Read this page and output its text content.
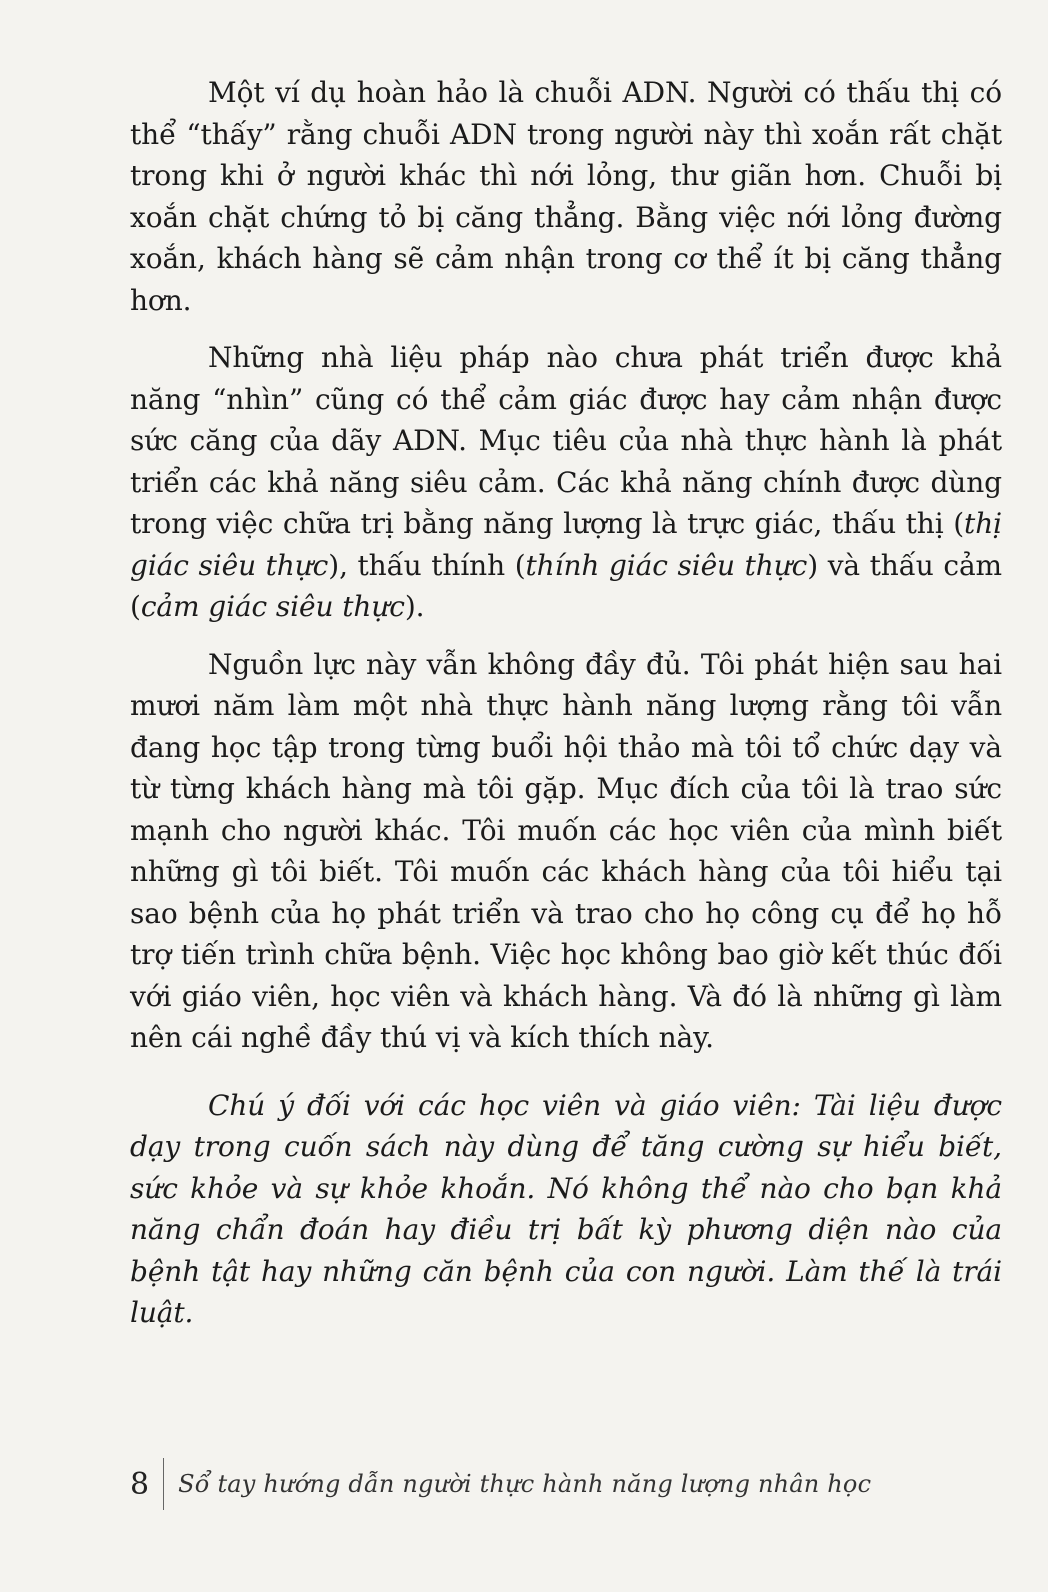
Một ví dụ hoàn hảo là chuỗi ADN. Người có thấu thị có thể “thấy” rằng chuỗi ADN trong người này thì xoắn rất chặt trong khi ở người khác thì nới lỏng, thư giãn hơn. Chuỗi bị xoắn chặt chứng tỏ bị căng thẳng. Bằng việc nới lỏng đường xoắn, khách hàng sẽ cảm nhận trong cơ thể ít bị căng thẳng hơn.

Những nhà liệu pháp nào chưa phát triển được khả năng “nhìn” cũng có thể cảm giác được hay cảm nhận được sức căng của dãy ADN. Mục tiêu của nhà thực hành là phát triển các khả năng siêu cảm. Các khả năng chính được dùng trong việc chữa trị bằng năng lượng là trực giác, thấu thị (thị giác siêu thực), thấu thính (thính giác siêu thực) và thấu cảm (cảm giác siêu thực).

Nguồn lực này vẫn không đầy đủ. Tôi phát hiện sau hai mươi năm làm một nhà thực hành năng lượng rằng tôi vẫn đang học tập trong từng buổi hội thảo mà tôi tổ chức dạy và từ từng khách hàng mà tôi gặp. Mục đích của tôi là trao sức mạnh cho người khác. Tôi muốn các học viên của mình biết những gì tôi biết. Tôi muốn các khách hàng của tôi hiểu tại sao bệnh của họ phát triển và trao cho họ công cụ để họ hỗ trợ tiến trình chữa bệnh. Việc học không bao giờ kết thúc đối với giáo viên, học viên và khách hàng. Và đó là những gì làm nên cái nghề đầy thú vị và kích thích này.

Chú ý đối với các học viên và giáo viên: Tài liệu được dạy trong cuốn sách này dùng để tăng cường sự hiểu biết, sức khỏe và sự khỏe khoắn. Nó không thể nào cho bạn khả năng chẩn đoán hay điều trị bất kỳ phương diện nào của bệnh tật hay những căn bệnh của con người. Làm thế là trái luật.

8	Sổ tay hướng dẫn người thực hành năng lượng nhân học
